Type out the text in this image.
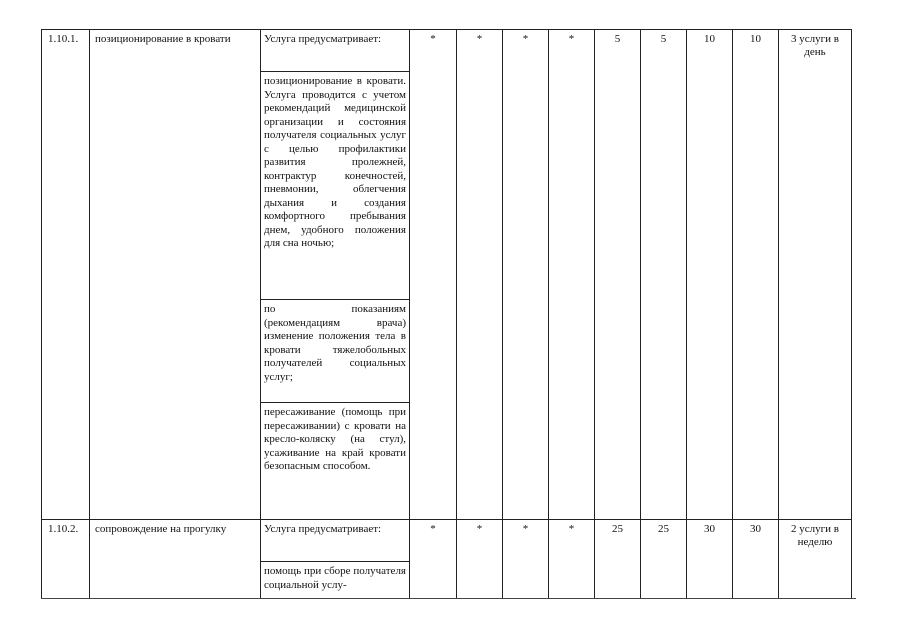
1.10.1.	позиционирование в кровати	Услуга предусматривает:	*	*	*	*	5	5	10	10	3 услуги в день
		позиционирование в кровати. Услуга проводится с учетом рекомендаций медицинской организации и состояния получателя социальных услуг с целью профилактики развития пролежней, контрактур конечностей, пневмонии, облегчения дыхания и создания комфортного пребывания днем, удобного положения для сна ночью;									
		по показаниям (рекомендациям врача) изменение положения тела в кровати тяжелобольных получателей социальных услуг;									
		пересаживание (помощь при пересаживании) с кровати на кресло-коляску (на стул), усаживание на край кровати безопасным способом.									
1.10.2.	сопровождение на прогулку	Услуга предусматривает:	*	*	*	*	25	25	30	30	2 услуги в неделю
		помощь при сборе получателя социальной услу-									
